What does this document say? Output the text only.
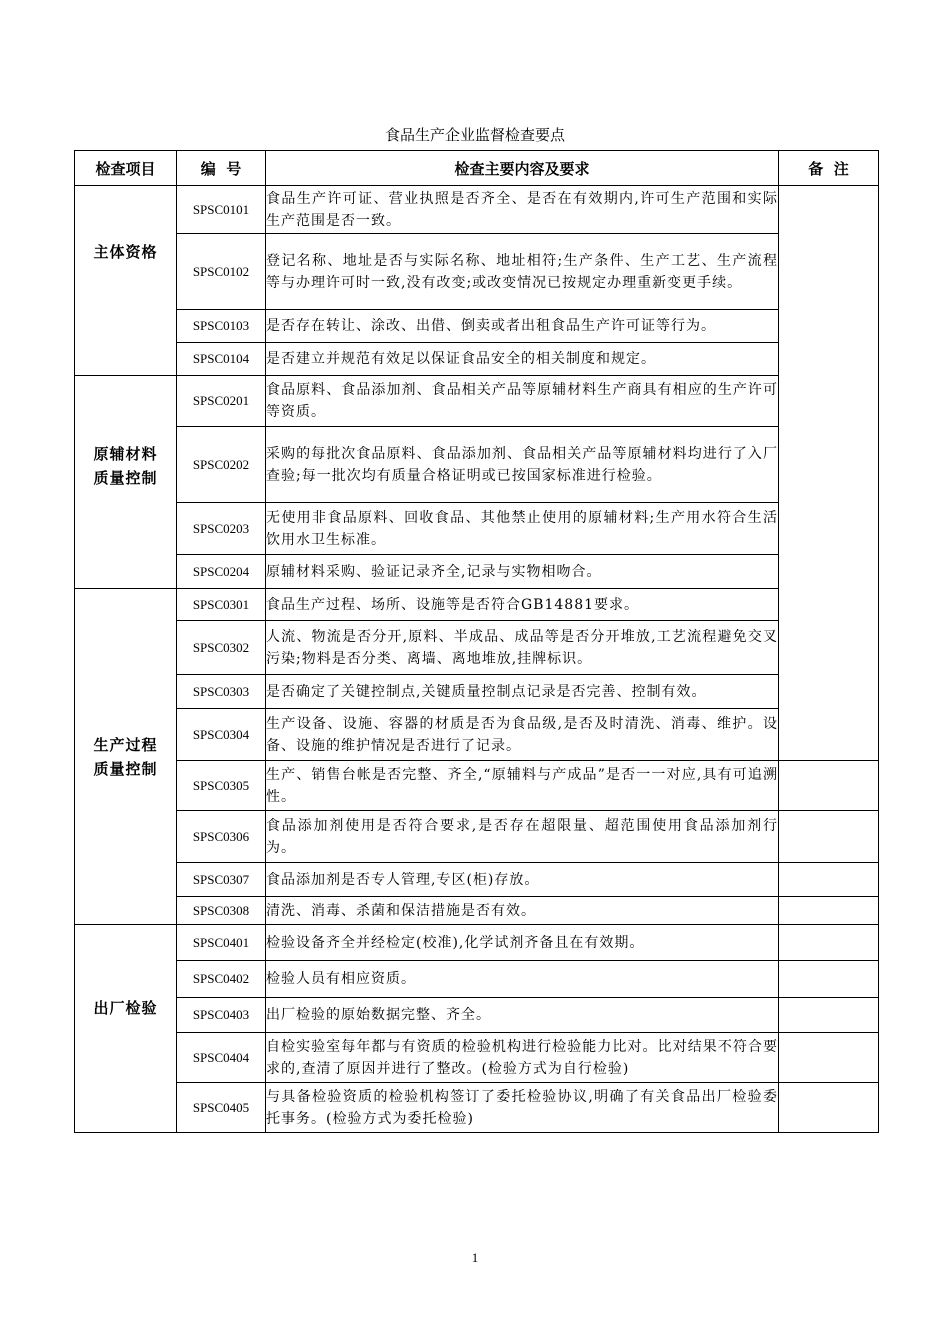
食品生产企业监督检查要点
检查项目	编  号	检查主要内容及要求	备  注
主体资格	SPSC0101	食品生产许可证、营业执照是否齐全、是否在有效期内,许可生产范围和实际生产范围是否一致。	
	SPSC0102	登记名称、地址是否与实际名称、地址相符;生产条件、生产工艺、生产流程等与办理许可时一致,没有改变;或改变情况已按规定办理重新变更手续。	
	SPSC0103	是否存在转让、涂改、出借、倒卖或者出租食品生产许可证等行为。	
	SPSC0104	是否建立并规范有效足以保证食品安全的相关制度和规定。	

原辅材料
质量控制	SPSC0201	食品原料、食品添加剂、食品相关产品等原辅材料生产商具有相应的生产许可等资质。	
	SPSC0202	采购的每批次食品原料、食品添加剂、食品相关产品等原辅材料均进行了入厂查验;每一批次均有质量合格证明或已按国家标准进行检验。	
	SPSC0203	无使用非食品原料、回收食品、其他禁止使用的原辅材料;生产用水符合生活饮用水卫生标准。	
	SPSC0204	原辅材料采购、验证记录齐全,记录与实物相吻合。	

生产过程
质量控制	SPSC0301	食品生产过程、场所、设施等是否符合GB14881要求。	
	SPSC0302	人流、物流是否分开,原料、半成品、成品等是否分开堆放,工艺流程避免交叉污染;物料是否分类、离墙、离地堆放,挂牌标识。	
	SPSC0303	是否确定了关键控制点,关键质量控制点记录是否完善、控制有效。	
	SPSC0304	生产设备、设施、容器的材质是否为食品级,是否及时清洗、消毒、维护。设备、设施的维护情况是否进行了记录。	
	SPSC0305	生产、销售台帐是否完整、齐全,“原辅料与产成品”是否一一对应,具有可追溯性。	
	SPSC0306	食品添加剂使用是否符合要求,是否存在超限量、超范围使用食品添加剂行为。	
	SPSC0307	食品添加剂是否专人管理,专区(柜)存放。	
	SPSC0308	清洗、消毒、杀菌和保洁措施是否有效。	
出厂检验	SPSC0401	检验设备齐全并经检定(校准),化学试剂齐备且在有效期。	
	SPSC0402	检验人员有相应资质。	
	SPSC0403	出厂检验的原始数据完整、齐全。	
	SPSC0404	自检实验室每年都与有资质的检验机构进行检验能力比对。比对结果不符合要求的,查清了原因并进行了整改。(检验方式为自行检验)	
	SPSC0405	与具备检验资质的检验机构签订了委托检验协议,明确了有关食品出厂检验委托事务。(检验方式为委托检验)	
1
